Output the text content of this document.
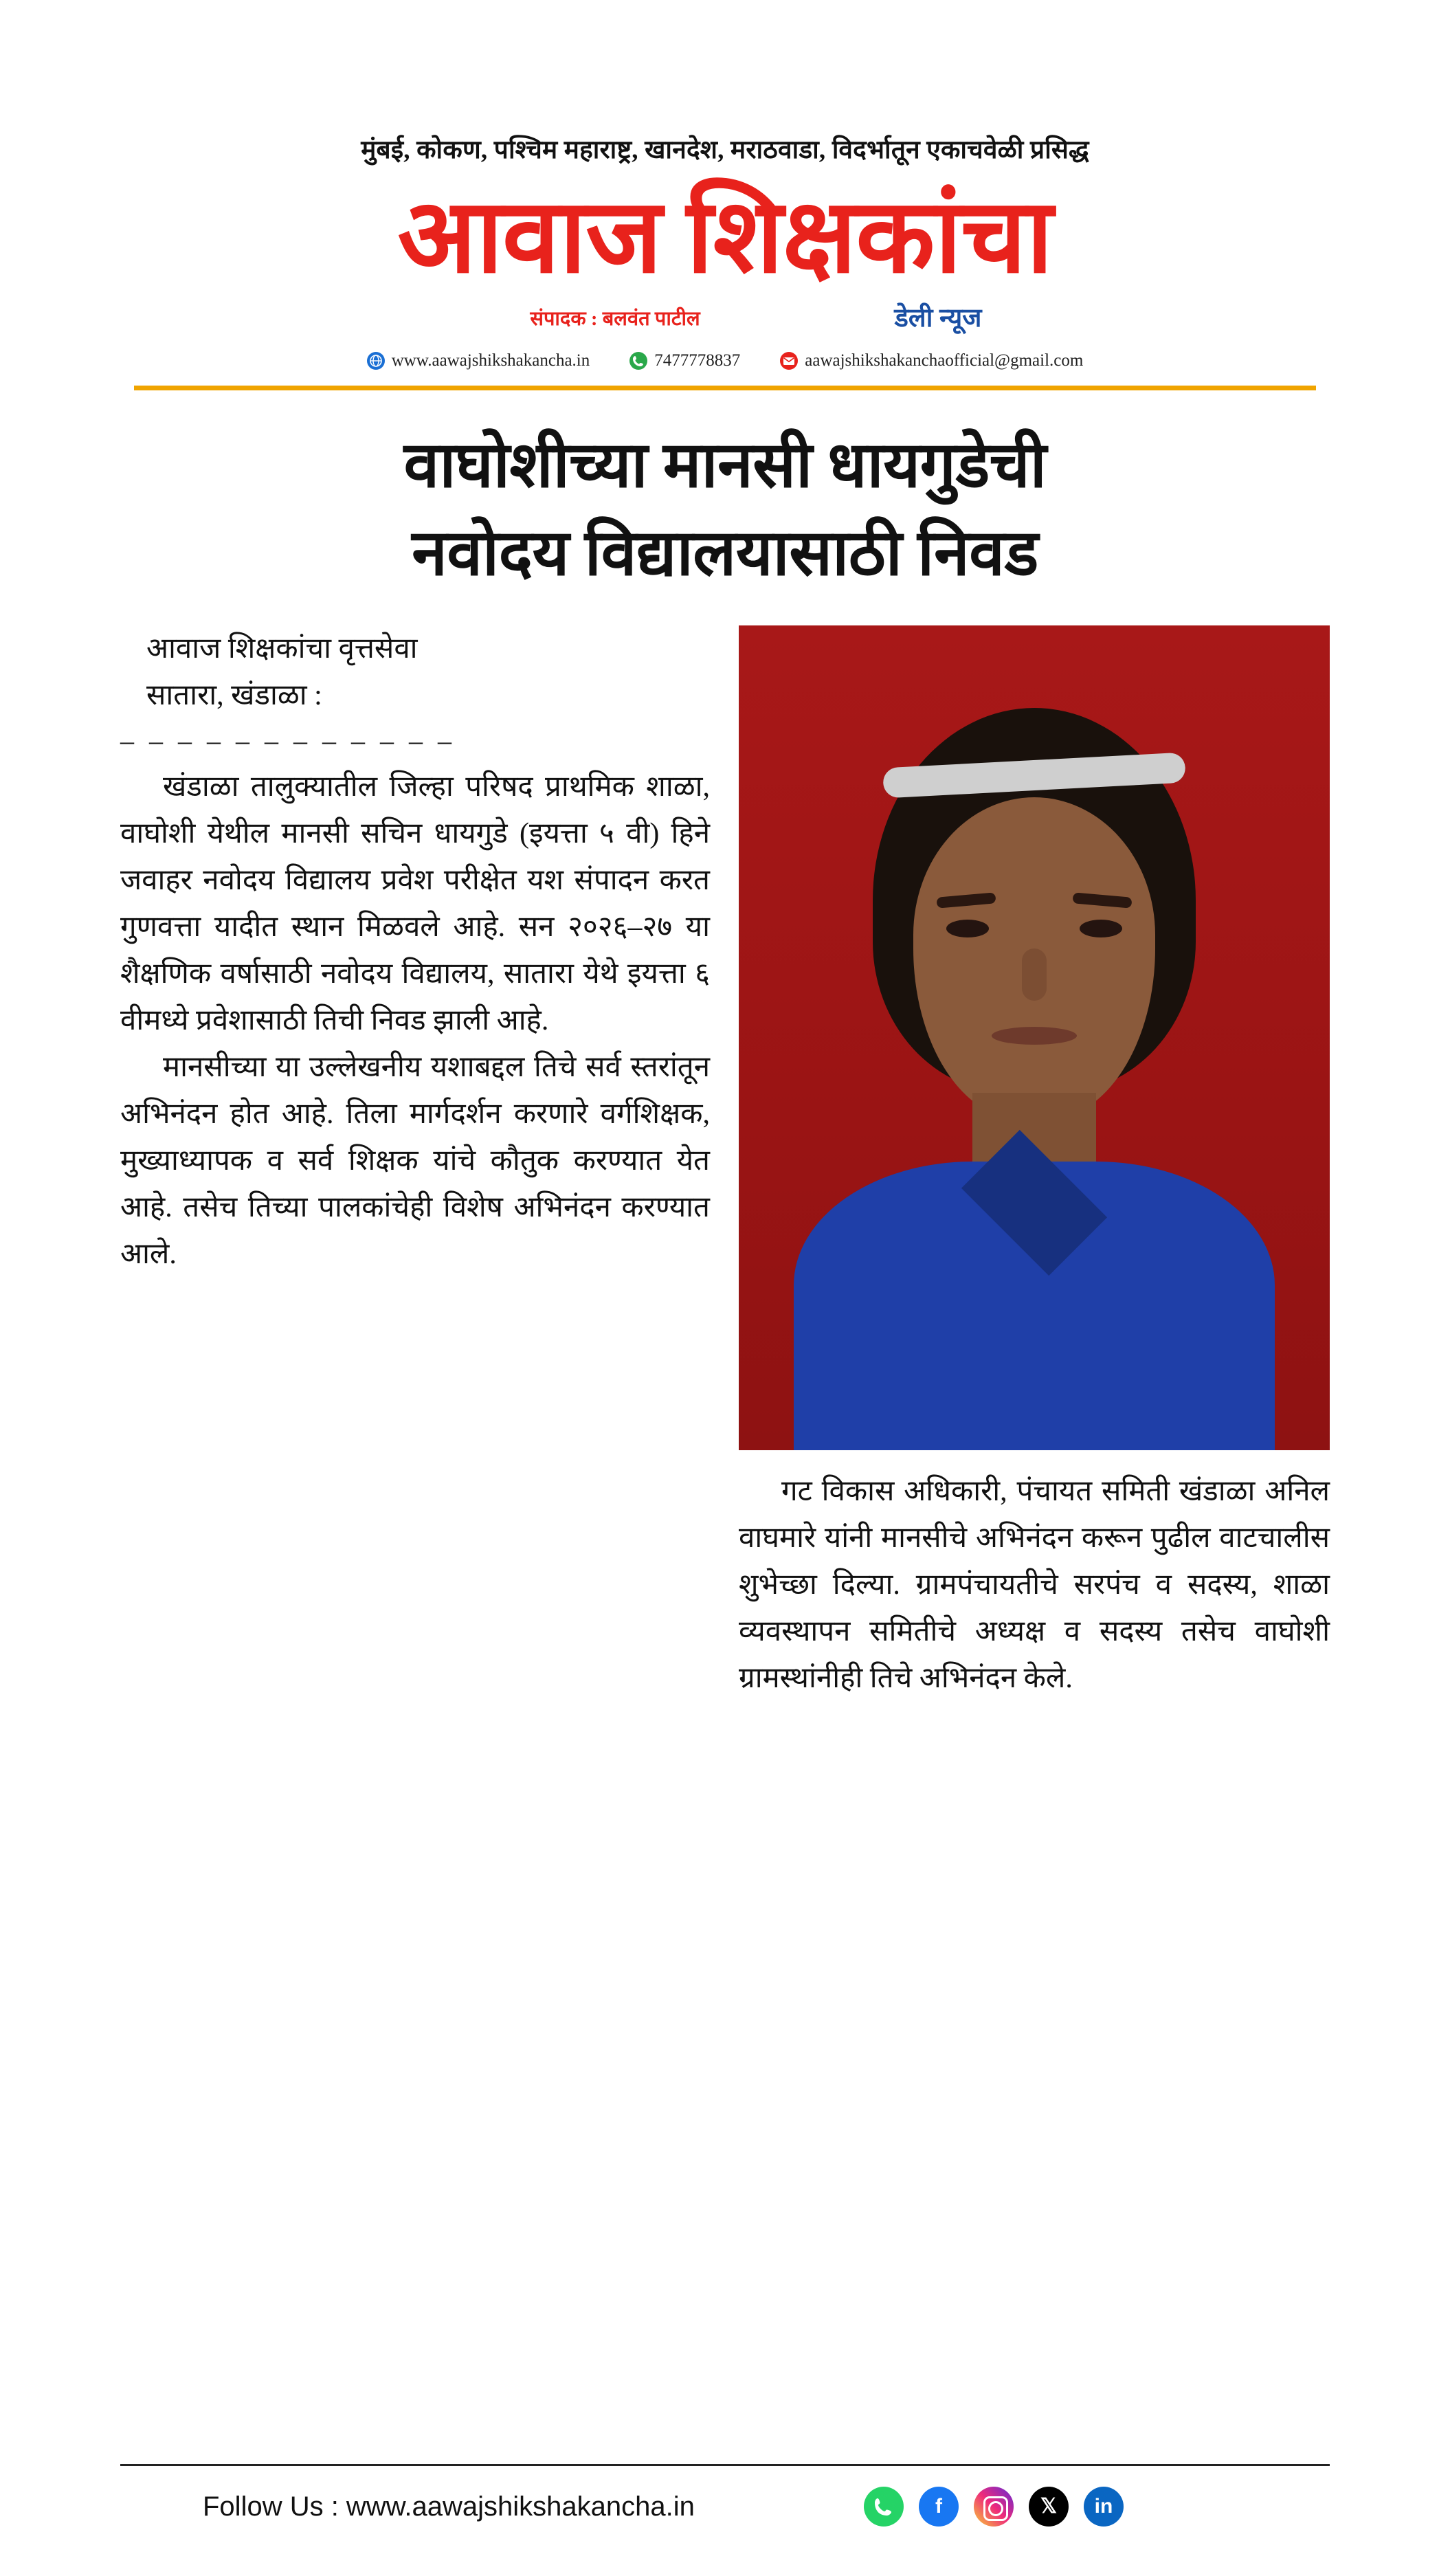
मुंबई, कोकण, पश्चिम महाराष्ट्र, खानदेश, मराठवाडा, विदर्भातून एकाचवेळी प्रसिद्ध
आवाज शिक्षकांचा
संपादक : बलवंत पाटील	डेली न्यूज
www.aawajshikshakancha.in	7477778837	aawajshikshakanchaofficial@gmail.com
वाघोशीच्या मानसी धायगुडेची
नवोदय विद्यालयासाठी निवड

आवाज शिक्षकांचा वृत्तसेवा

सातारा, खंडाळा :

– – – – – – – – – – – –

खंडाळा तालुक्यातील जिल्हा परिषद प्राथमिक शाळा, वाघोशी येथील मानसी सचिन धायगुडे (इयत्ता ५ वी) हिने जवाहर नवोदय विद्यालय प्रवेश परीक्षेत यश संपादन करत गुणवत्ता यादीत स्थान मिळवले आहे. सन २०२६–२७ या शैक्षणिक वर्षासाठी नवोदय विद्यालय, सातारा येथे इयत्ता ६ वीमध्ये प्रवेशासाठी तिची निवड झाली आहे.

मानसीच्या या उल्लेखनीय यशाबद्दल तिचे सर्व स्तरांतून अभिनंदन होत आहे. तिला मार्गदर्शन करणारे वर्गशिक्षक, मुख्याध्यापक व सर्व शिक्षक यांचे कौतुक करण्यात येत आहे. तसेच तिच्या पालकांचेही विशेष अभिनंदन करण्यात आले.

गट विकास अधिकारी, पंचायत समिती खंडाळा अनिल वाघमारे यांनी मानसीचे अभिनंदन करून पुढील वाटचालीस शुभेच्छा दिल्या. ग्रामपंचायतीचे सरपंच व सदस्य, शाळा व्यवस्थापन समितीचे अध्यक्ष व सदस्य तसेच वाघोशी ग्रामस्थांनीही तिचे अभिनंदन केले.

Follow Us : www.aawajshikshakancha.in	f	𝕏	in
